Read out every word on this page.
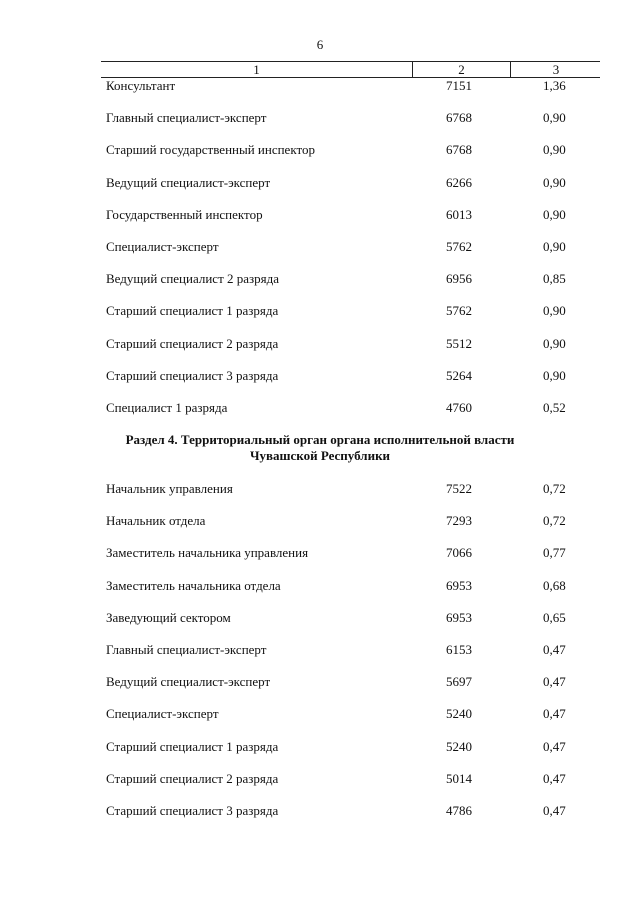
6
1	2	3
Консультант	7151	1,36
Главный специалист-эксперт	6768	0,90
Старший государственный инспектор	6768	0,90
Ведущий специалист-эксперт	6266	0,90
Государственный инспектор	6013	0,90
Специалист-эксперт	5762	0,90
Ведущий специалист 2 разряда	6956	0,85
Старший специалист 1 разряда	5762	0,90
Старший специалист 2 разряда	5512	0,90
Старший специалист 3 разряда	5264	0,90
Специалист 1 разряда	4760	0,52
Раздел 4. Территориальный орган органа исполнительной власти
Чувашской Республики
Начальник управления	7522	0,72
Начальник отдела	7293	0,72
Заместитель начальника управления	7066	0,77
Заместитель начальника отдела	6953	0,68
Заведующий сектором	6953	0,65
Главный специалист-эксперт	6153	0,47
Ведущий специалист-эксперт	5697	0,47
Специалист-эксперт	5240	0,47
Старший специалист 1 разряда	5240	0,47
Старший специалист 2 разряда	5014	0,47
Старший специалист 3 разряда	4786	0,47
